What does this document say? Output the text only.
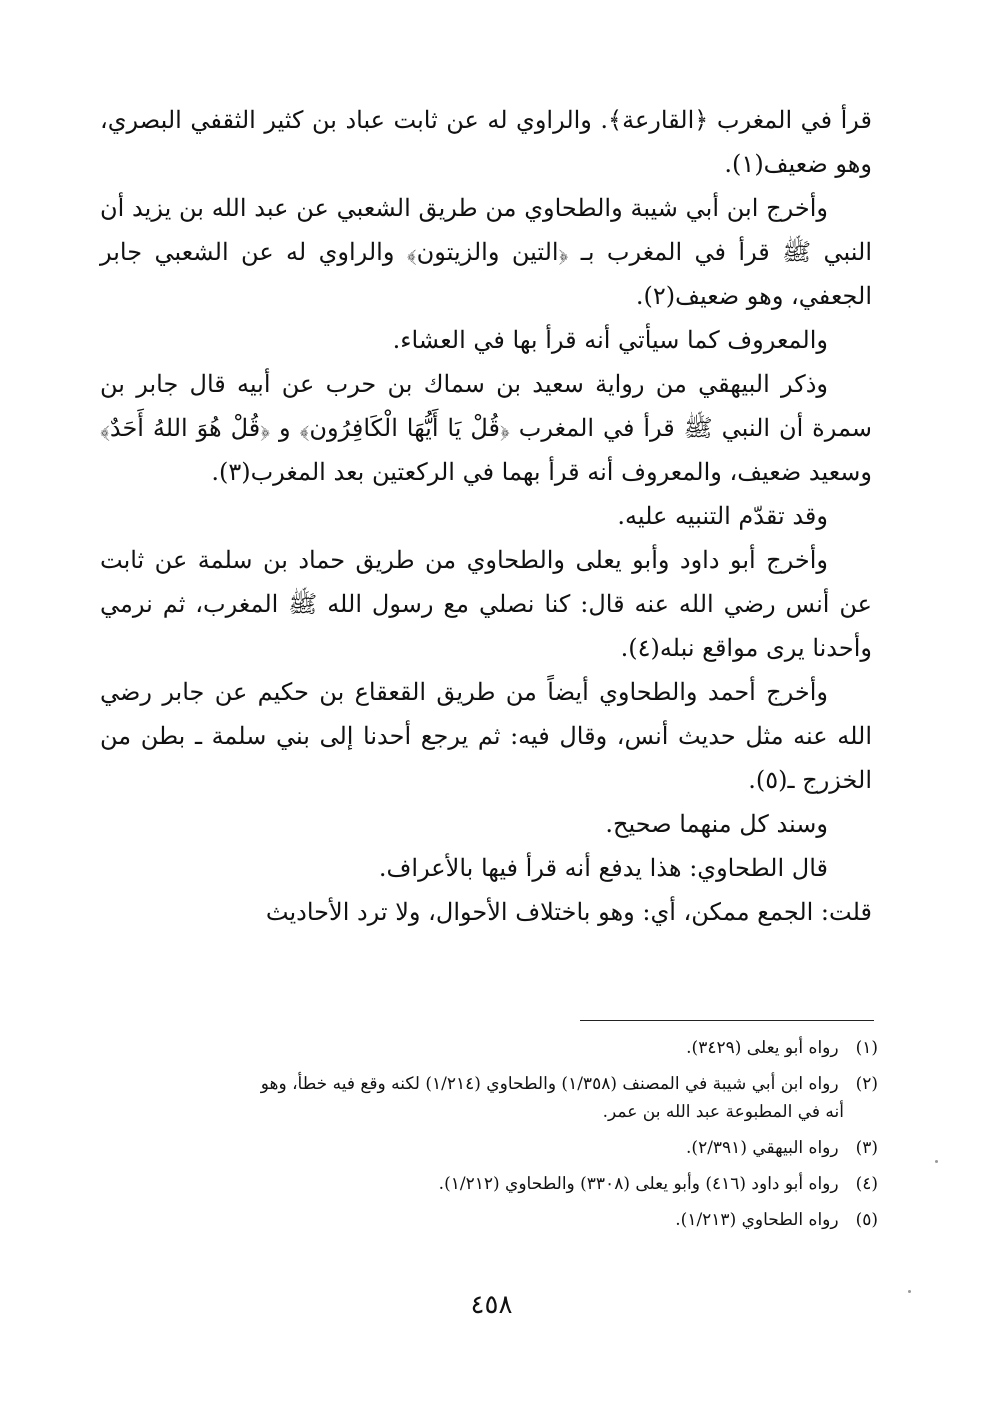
قرأ في المغرب ﴿القارعة﴾. والراوي له عن ثابت عباد بن كثير الثقفي البصري، وهو ضعيف(١).

وأخرج ابن أبي شيبة والطحاوي من طريق الشعبي عن عبد الله بن يزيد أن النبي ﷺ قرأ في المغرب بـ ﴿التين والزيتون﴾ والراوي له عن الشعبي جابر الجعفي، وهو ضعيف(٢).

والمعروف كما سيأتي أنه قرأ بها في العشاء.

وذكر البيهقي من رواية سعيد بن سماك بن حرب عن أبيه قال جابر بن سمرة أن النبي ﷺ قرأ في المغرب ﴿قُلْ يَا أَيُّهَا الْكَافِرُون﴾ و ﴿قُلْ هُوَ اللهُ أَحَدٌ﴾ وسعيد ضعيف، والمعروف أنه قرأ بهما في الركعتين بعد المغرب(٣).

وقد تقدّم التنبيه عليه.

وأخرج أبو داود وأبو يعلى والطحاوي من طريق حماد بن سلمة عن ثابت عن أنس رضي الله عنه قال: كنا نصلي مع رسول الله ﷺ المغرب، ثم نرمي وأحدنا يرى مواقع نبله(٤).

وأخرج أحمد والطحاوي أيضاً من طريق القعقاع بن حكيم عن جابر رضي الله عنه مثل حديث أنس، وقال فيه: ثم يرجع أحدنا إلى بني سلمة ـ بطن من الخزرج ـ(٥).

وسند كل منهما صحيح.

قال الطحاوي: هذا يدفع أنه قرأ فيها بالأعراف.

قلت: الجمع ممكن، أي: وهو باختلاف الأحوال، ولا ترد الأحاديث

(١) رواه أبو يعلى (٣٤٢٩).

(٢) رواه ابن أبي شيبة في المصنف (١/٣٥٨) والطحاوي (١/٢١٤) لكنه وقع فيه خطأ، وهو
أنه في المطبوعة عبد الله بن عمر.

(٣) رواه البيهقي (٢/٣٩١).

(٤) رواه أبو داود (٤١٦) وأبو يعلى (٣٣٠٨) والطحاوي (١/٢١٢).

(٥) رواه الطحاوي (١/٢١٣).

٤٥٨
